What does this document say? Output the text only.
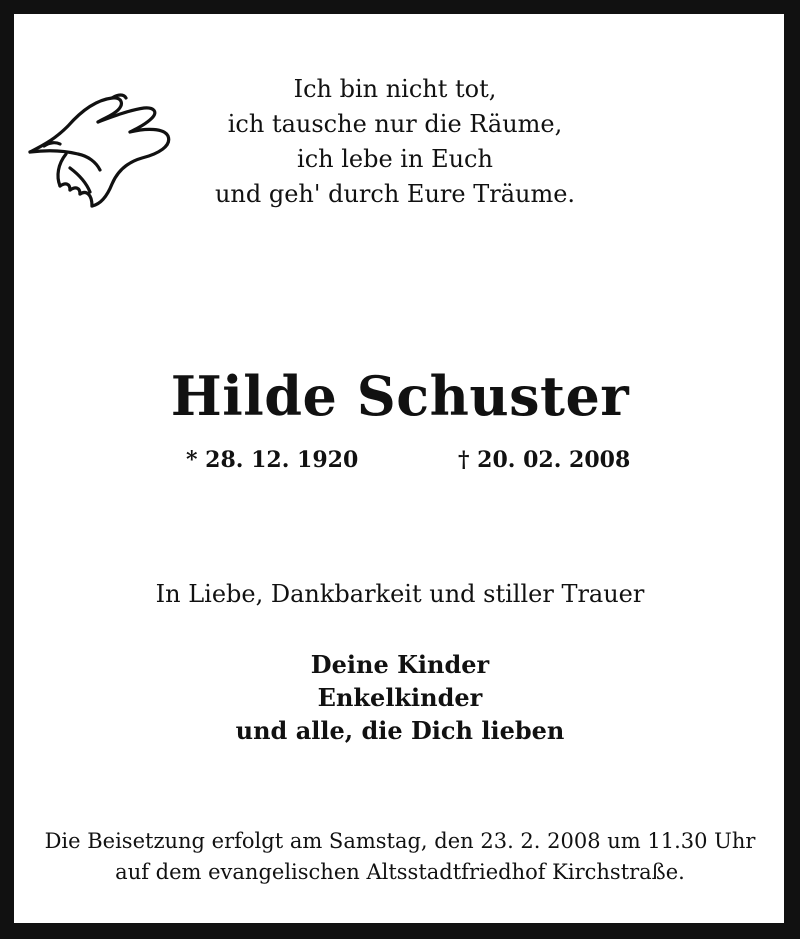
Ich bin nicht tot,
ich tausche nur die Räume,
ich lebe in Euch
und geh' durch Eure Träume.
Hilde Schuster
* 28. 12. 1920	† 20. 02. 2008
In Liebe, Dankbarkeit und stiller Trauer
Deine Kinder
Enkelkinder
und alle, die Dich lieben
Die Beisetzung erfolgt am Samstag, den 23. 2. 2008 um 11.30 Uhr
auf dem evangelischen Altsstadtfriedhof Kirchstraße.
